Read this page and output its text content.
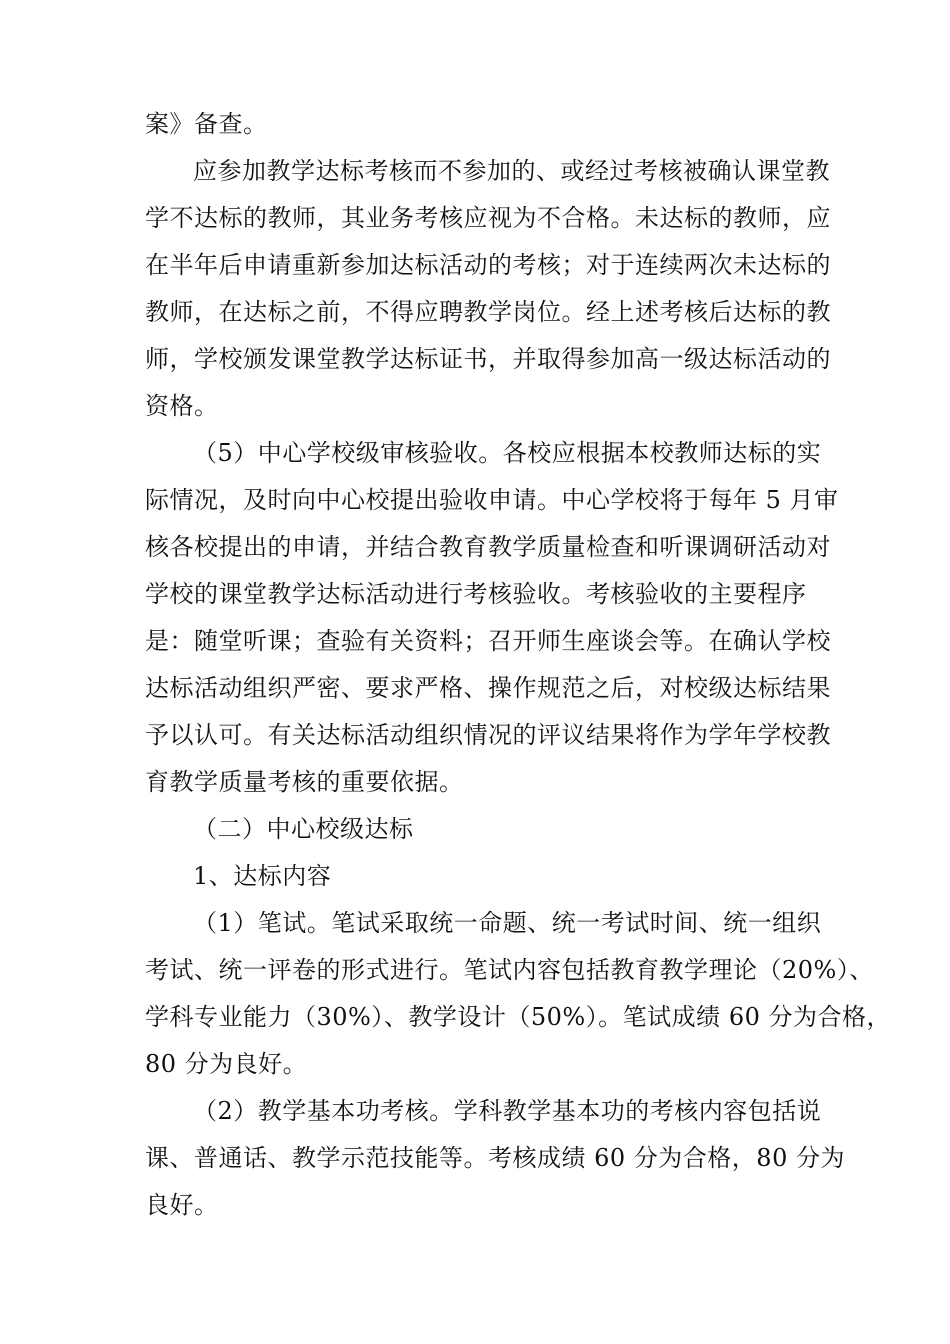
案》备查。
应参加教学达标考核而不参加的、或经过考核被确认课堂教
学不达标的教师，其业务考核应视为不合格。未达标的教师，应
在半年后申请重新参加达标活动的考核；对于连续两次未达标的
教师，在达标之前，不得应聘教学岗位。经上述考核后达标的教
师，学校颁发课堂教学达标证书，并取得参加高一级达标活动的
资格。
（5）中心学校级审核验收。各校应根据本校教师达标的实
际情况，及时向中心校提出验收申请。中心学校将于每年 5 月审
核各校提出的申请，并结合教育教学质量检查和听课调研活动对
学校的课堂教学达标活动进行考核验收。考核验收的主要程序
是：随堂听课；查验有关资料；召开师生座谈会等。在确认学校
达标活动组织严密、要求严格、操作规范之后，对校级达标结果
予以认可。有关达标活动组织情况的评议结果将作为学年学校教
育教学质量考核的重要依据。
（二）中心校级达标
1、达标内容
（1）笔试。笔试采取统一命题、统一考试时间、统一组织
考试、统一评卷的形式进行。笔试内容包括教育教学理论（20%）、
学科专业能力（30%）、教学设计（50%）。笔试成绩 60 分为合格，
80 分为良好。
（2）教学基本功考核。学科教学基本功的考核内容包括说
课、普通话、教学示范技能等。考核成绩 60 分为合格，80 分为
良好。
